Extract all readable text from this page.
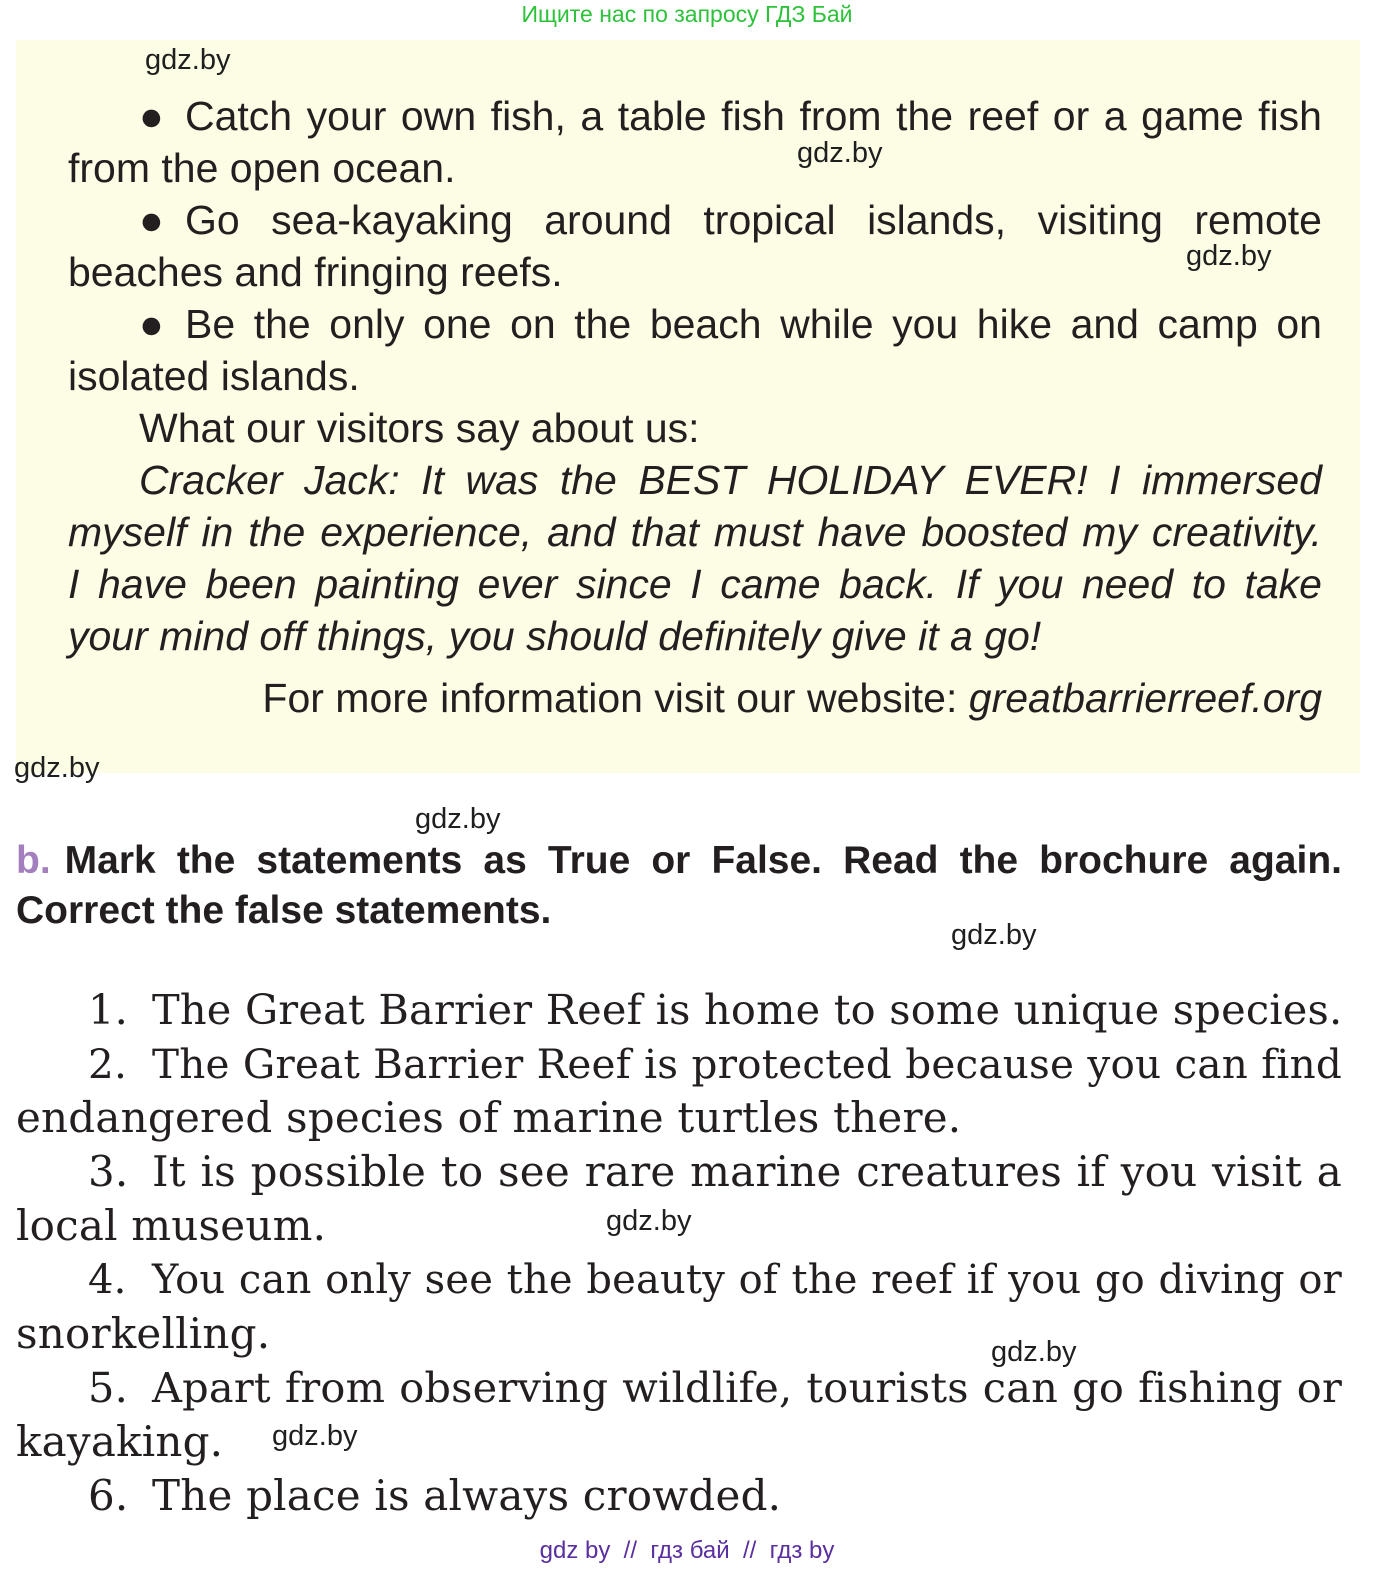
Ищите нас по запросу ГДЗ Бай
● Catch your own fish, a table fish from the reef or a game fish
from the open ocean.
● Go sea-kayaking around tropical islands, visiting remote
beaches and fringing reefs.
● Be the only one on the beach while you hike and camp on
isolated islands.
What our visitors say about us:
Cracker Jack: It was the BEST HOLIDAY EVER! I immersed
myself in the experience, and that must have boosted my creativity.
I have been painting ever since I came back. If you need to take
your mind off things, you should definitely give it a go!
For more information visit our website: greatbarrierreef.org
gdz.by
gdz.by
gdz.by
gdz.by
gdz.by
gdz.by
gdz.by
gdz.by
gdz.by
b. Mark the statements as True or False. Read the brochure again.
Correct the false statements.
1. The Great Barrier Reef is home to some unique species.
2. The Great Barrier Reef is protected because you can find
endangered species of marine turtles there.
3. It is possible to see rare marine creatures if you visit a
local museum.
4. You can only see the beauty of the reef if you go diving or
snorkelling.
5. Apart from observing wildlife, tourists can go fishing or
kayaking.
6. The place is always crowded.
gdz by  //  гдз бай  //  гдз by
